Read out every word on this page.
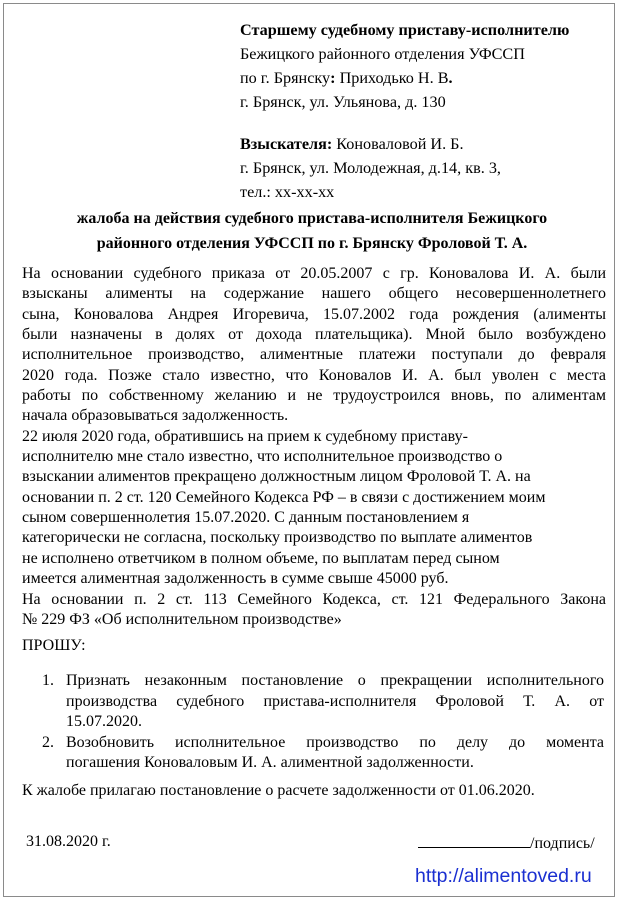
Старшему судебному приставу-исполнителю

Бежицкого районного отделения УФССП

по г. Брянску: Приходько Н. В.

г. Брянск, ул. Ульянова, д. 130

Взыскателя: Коноваловой И. Б.

г. Брянск, ул. Молодежная, д.14, кв. 3,

тел.: хх-хх-хх

жалоба на действия судебного пристава-исполнителя Бежицкого

районного отделения УФССП по г. Брянску Фроловой Т. А.

На основании судебного приказа от 20.05.2007 с гр. Коновалова И. А. были

взысканы алименты на содержание нашего общего несовершеннолетнего

сына, Коновалова Андрея Игоревича, 15.07.2002 года рождения (алименты

были назначены в долях от дохода плательщика). Мной было возбуждено

исполнительное производство, алиментные платежи поступали до февраля

2020 года. Позже стало известно, что Коновалов И. А. был уволен с места

работы по собственному желанию и не трудоустроился вновь, по алиментам

начала образовываться задолженность.

22 июля 2020 года, обратившись на прием к судебному приставу-

исполнителю мне стало известно, что исполнительное производство о

взыскании алиментов прекращено должностным лицом Фроловой Т. А. на

основании п. 2 ст. 120 Семейного Кодекса РФ – в связи с достижением моим

сыном совершеннолетия 15.07.2020. С данным постановлением я

категорически не согласна, поскольку производство по выплате алиментов

не исполнено ответчиком в полном объеме, по выплатам перед сыном

имеется алиментная задолженность в сумме свыше 45000 руб.

На основании п. 2 ст. 113 Семейного Кодекса, ст. 121 Федерального Закона

№ 229 ФЗ «Об исполнительном производстве»

ПРОШУ:
1. Признать незаконным постановление о прекращении исполнительного

производства судебного пристава-исполнителя Фроловой Т. А. от

15.07.2020.

2. Возобновить исполнительное производство по делу до момента

погашения Коноваловым И. А. алиментной задолженности.

К жалобе прилагаю постановление о расчете задолженности от 01.06.2020.
31.08.2020 г.	/подпись/
http://alimentoved.ru
